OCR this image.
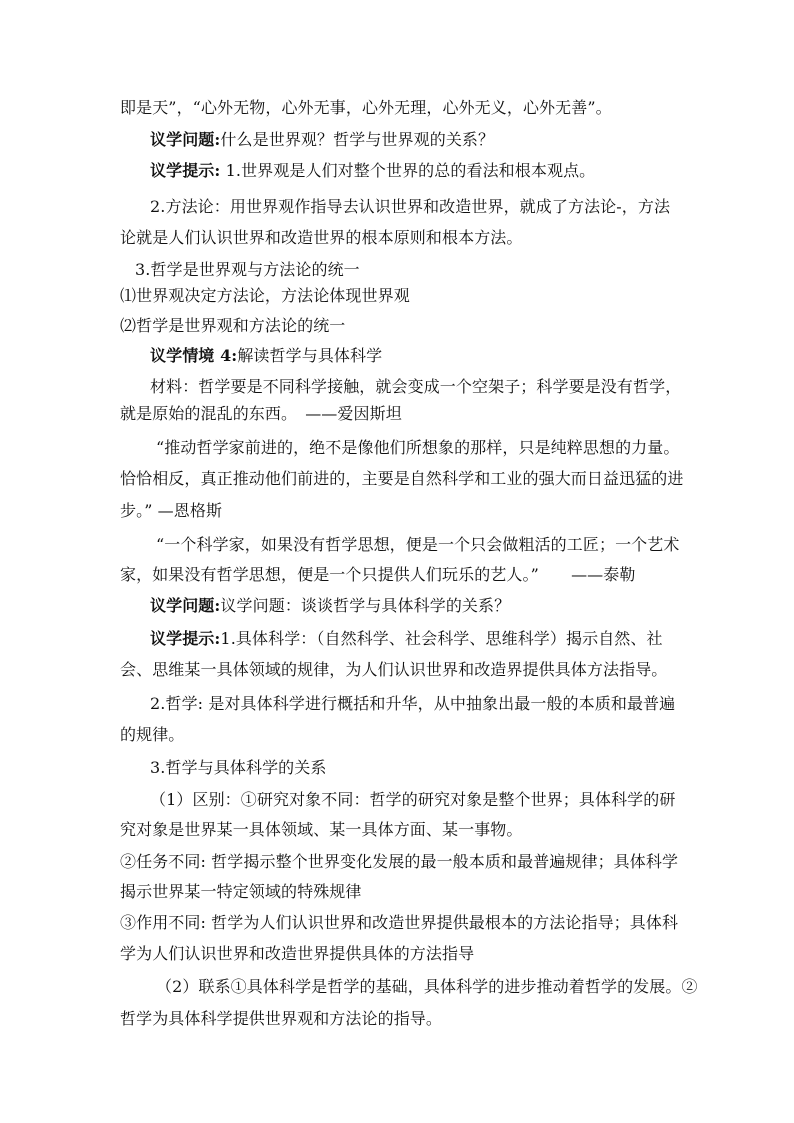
即是天”，“心外无物，心外无事，心外无理，心外无义，心外无善”。
议学问题:什么是世界观？哲学与世界观的关系？
议学提示: 1.世界观是人们对整个世界的总的看法和根本观点。
2.方法论：用世界观作指导去认识世界和改造世界，就成了方法论-，方法
论就是人们认识世界和改造世界的根本原则和根本方法。
3.哲学是世界观与方法论的统一
⑴世界观决定方法论，方法论体现世界观
⑵哲学是世界观和方法论的统一
议学情境 4:解读哲学与具体科学
材料：哲学要是不同科学接触，就会变成一个空架子；科学要是没有哲学，
就是原始的混乱的东西。　——爱因斯坦
“推动哲学家前进的，绝不是像他们所想象的那样，只是纯粹思想的力量。
恰恰相反，真正推动他们前进的，主要是自然科学和工业的强大而日益迅猛的进
步。” —恩格斯
“一个科学家，如果没有哲学思想，便是一个只会做粗活的工匠；一个艺术
家，如果没有哲学思想，便是一个只提供人们玩乐的艺人。”　　——泰勒
议学问题:议学问题：谈谈哲学与具体科学的关系？
议学提示:1.具体科学：（自然科学、社会科学、思维科学）揭示自然、社
会、思维某一具体领域的规律，为人们认识世界和改造界提供具体方法指导。
2.哲学: 是对具体科学进行概括和升华，从中抽象出最一般的本质和最普遍
的规律。
3.哲学与具体科学的关系
（1）区别：①研究对象不同：哲学的研究对象是整个世界；具体科学的研
究对象是世界某一具体领域、某一具体方面、某一事物。
②任务不同: 哲学揭示整个世界变化发展的最一般本质和最普遍规律；具体科学
揭示世界某一特定领域的特殊规律
③作用不同: 哲学为人们认识世界和改造世界提供最根本的方法论指导；具体科
学为人们认识世界和改造世界提供具体的方法指导
（2）联系①具体科学是哲学的基础，具体科学的进步推动着哲学的发展。②
哲学为具体科学提供世界观和方法论的指导。
